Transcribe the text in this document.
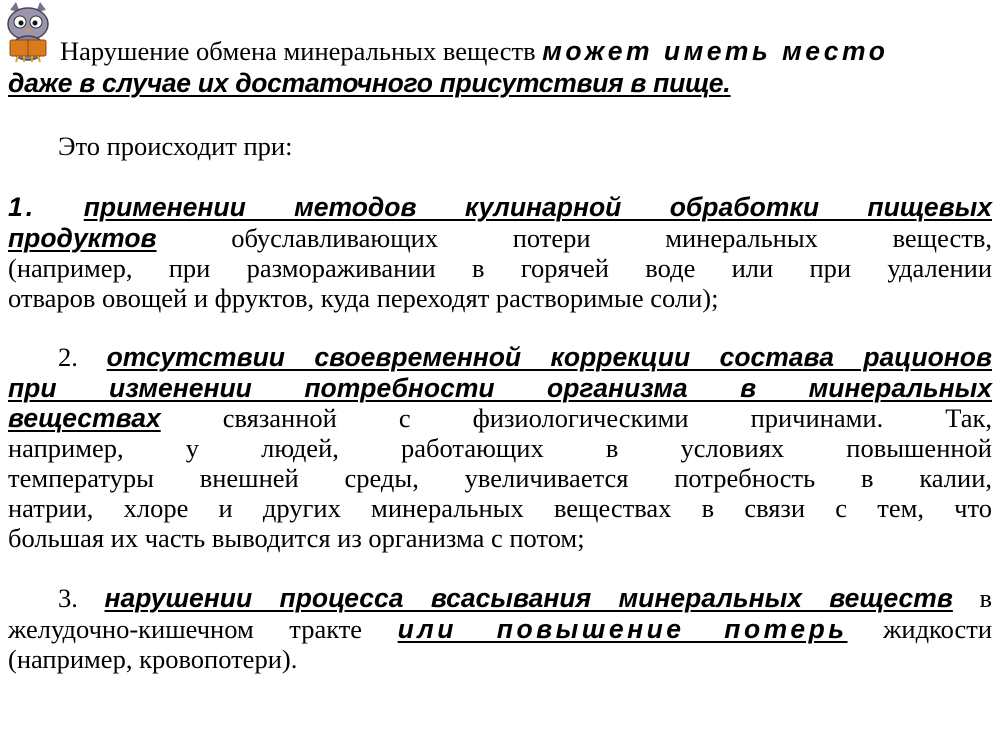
Нарушение обмена минеральных веществ может иметь место
даже в случае их достаточного присутствия в пище.
Это происходит при:
1. применении методов кулинарной обработки пищевых
продуктов обуславливающих потери минеральных веществ,
(например, при размораживании в горячей воде или при удалении
отваров овощей и фруктов, куда переходят растворимые соли);
2. отсутствии своевременной коррекции состава рационов
при изменении потребности организма в минеральных
веществах связанной с физиологическими причинами. Так,
например, у людей, работающих в условиях повышенной
температуры внешней среды, увеличивается потребность в калии,
натрии, хлоре и других минеральных веществах в связи с тем, что
большая их часть выводится из организма с потом;
3. нарушении процесса всасывания минеральных веществ в
желудочно-кишечном тракте или повышение потерь жидкости
(например, кровопотери).
